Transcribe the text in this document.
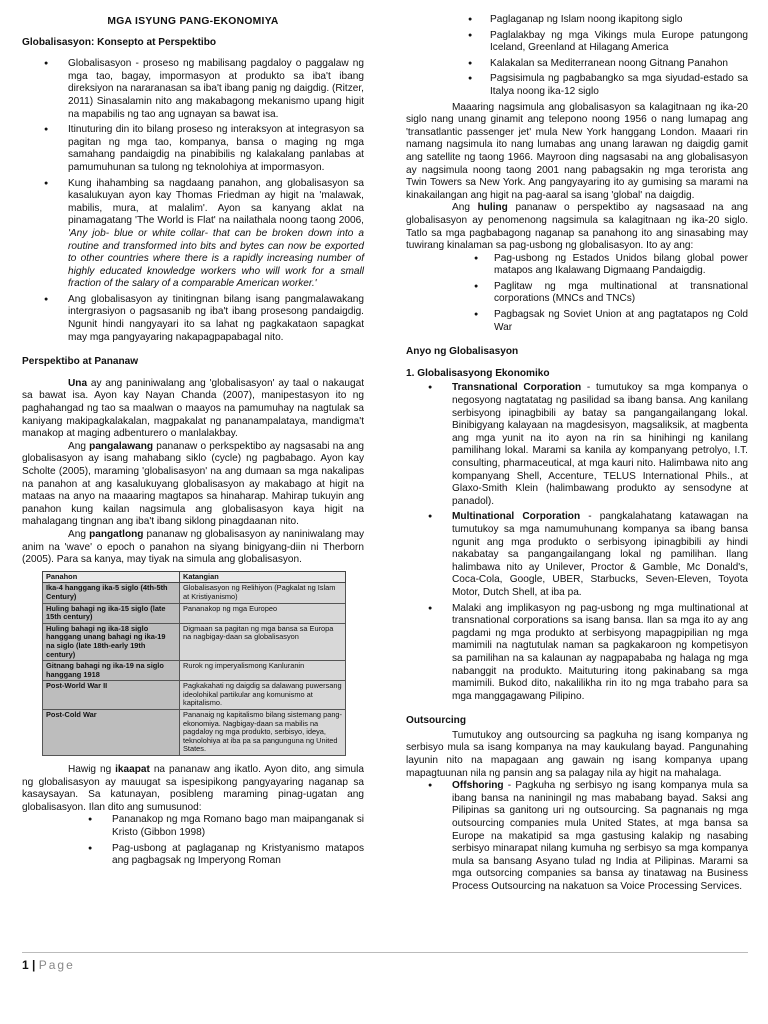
MGA ISYUNG PANG-EKONOMIYA
Globalisasyon: Konsepto at Perspektibo
● Globalisasyon - proseso ng mabilisang pagdaloy o paggalaw ng mga tao, bagay, impormasyon at produkto sa iba't ibang direksiyon na nararanasan sa iba't ibang panig ng daigdig. (Ritzer, 2011) Sinasalamin nito ang makabagong mekanismo upang higit na mapabilis ng tao ang ugnayan sa bawat isa.
● Itinuturing din ito bilang proseso ng interaksyon at integrasyon sa pagitan ng mga tao, kompanya, bansa o maging ng mga samahang pandaigdig na pinabibilis ng kalakalang panlabas at pamumuhunan sa tulong ng teknolohiya at impormasyon.
● Kung ihahambing sa nagdaang panahon, ang globalisasyon sa kasalukuyan ayon kay Thomas Friedman ay higit na 'malawak, mabilis, mura, at malalim'. Ayon sa kanyang aklat na pinamagatang 'The World is Flat' na nailathala noong taong 2006, 'Any job- blue or white collar- that can be broken down into a routine and transformed into bits and bytes can now be exported to other countries where there is a rapidly increasing number of highly educated knowledge workers who will work for a small fraction of the salary of a comparable American worker.'
● Ang globalisasyon ay tinitingnan bilang isang pangmalawakang intergrasiyon o pagsasanib ng iba't ibang prosesong pandaigdig. Ngunit hindi nangyayari ito sa lahat ng pagkakataon sapagkat may mga pangyayaring nakapagpapabagal nito.
Perspektibo at Pananaw

Una ay ang paniniwalang ang 'globalisasyon' ay taal o nakaugat sa bawat isa. Ayon kay Nayan Chanda (2007), manipestasyon ito ng paghahangad ng tao sa maalwan o maayos na pamumuhay na nagtulak sa kaniyang makipagkalakalan, magpakalat ng pananampalataya, mandigma't manakop at maging adbenturero o manlalakbay.

Ang pangalawang pananaw o perkspektibo ay nagsasabi na ang globalisasyon ay isang mahabang siklo (cycle) ng pagbabago. Ayon kay Scholte (2005), maraming 'globalisasyon' na ang dumaan sa mga nakalipas na panahon at ang kasalukuyang globalisasyon ay makabago at higit na mataas na anyo na maaaring magtapos sa hinaharap. Mahirap tukuyin ang panahon kung kailan nagsimula ang globalisasyon kaya higit na mahalagang tingnan ang iba't ibang siklong pinagdaanan nito.

Ang pangatlong pananaw ng globalisasyon ay naniniwalang may anim na 'wave' o epoch o panahon na siyang binigyang-diin ni Therborn (2005). Para sa kanya, may tiyak na simula ang globalisasyon.

Panahon	Katangian
Ika-4 hanggang ika-5 siglo (4th-5th Century)	Globalisasyon ng Relihiyon (Pagkalat ng Islam at Kristiyanismo)
Huling bahagi ng ika-15 siglo (late 15th century)	Pananakop ng mga Europeo
Huling bahagi ng ika-18 siglo hanggang unang bahagi ng ika-19 na siglo (late 18th-early 19th century)	Digmaan sa pagitan ng mga bansa sa Europa na nagbigay-daan sa globalisasyon
Gitnang bahagi ng ika-19 na siglo hanggang 1918	Rurok ng imperyalismong Kanluranin
Post-World War II	Pagkakahati ng daigdig sa dalawang puwersang ideolohikal partikular ang komunismo at kapitalismo.
Post-Cold War	Pananaig ng kapitalismo bilang sistemang pang-ekonomiya. Nagbigay-daan sa mabilis na pagdaloy ng mga produkto, serbisyo, ideya, teknolohiya at iba pa sa pangunguna ng United States.

Hawig ng ikaapat na pananaw ang ikatlo. Ayon dito, ang simula ng globalisasyon ay mauugat sa ispesipikong pangyayaring naganap sa kasaysayan. Sa katunayan, posibleng maraming pinag-ugatan ang globalisasyon. Ilan dito ang sumusunod:

● Pananakop ng mga Romano bago man maipanganak si Kristo (Gibbon 1998)
● Pag-usbong at paglaganap ng Kristyanismo matapos ang pagbagsak ng Imperyong Roman
● Paglaganap ng Islam noong ikapitong siglo
● Paglalakbay ng mga Vikings mula Europe patungong Iceland, Greenland at Hilagang America
● Kalakalan sa Mediterranean noong Gitnang Panahon
● Pagsisimula ng pagbabangko sa mga siyudad-estado sa Italya noong ika-12 siglo

Maaaring nagsimula ang globalisasyon sa kalagitnaan ng ika-20 siglo nang unang ginamit ang telepono noong 1956 o nang lumapag ang 'transatlantic passenger jet' mula New York hanggang London. Maaari rin namang nagsimula ito nang lumabas ang unang larawan ng daigdig gamit ang satellite ng taong 1966. Mayroon ding nagsasabi na ang globalisasyon ay nagsimula noong taong 2001 nang pabagsakin ng mga terorista ang Twin Towers sa New York. Ang pangyayaring ito ay gumising sa marami na kinakailangan ang higit na pag-aaral sa isang 'global' na daigdig.

Ang huling pananaw o perspektibo ay nagsasaad na ang globalisasyon ay penomenong nagsimula sa kalagitnaan ng ika-20 siglo. Tatlo sa mga pagbabagong naganap sa panahong ito ang sinasabing may tuwirang kinalaman sa pag-usbong ng globalisasyon. Ito ay ang:

● Pag-usbong ng Estados Unidos bilang global power matapos ang Ikalawang Digmaang Pandaigdig.
● Paglitaw ng mga multinational at transnational corporations (MNCs and TNCs)
● Pagbagsak ng Soviet Union at ang pagtatapos ng Cold War
Anyo ng Globalisasyon
1. Globalisasyong Ekonomiko
● Transnational Corporation - tumutukoy sa mga kompanya o negosyong nagtatatag ng pasilidad sa ibang bansa. Ang kanilang serbisyong ipinagbibili ay batay sa pangangailangang lokal. Binibigyang kalayaan na magdesisyon, magsaliksik, at magbenta ang mga yunit na ito ayon na rin sa hinihingi ng kanilang pamilihang lokal. Marami sa kanila ay kompanyang petrolyo, I.T. consulting, pharmaceutical, at mga kauri nito. Halimbawa nito ang kompanyang Shell, Accenture, TELUS International Phils., at Glaxo-Smith Klein (halimbawang produkto ay sensodyne at panadol).
● Multinational Corporation - pangkalahatang katawagan na tumutukoy sa mga namumuhunang kompanya sa ibang bansa ngunit ang mga produkto o serbisyong ipinagbibili ay hindi nakabatay sa pangangailangang lokal ng pamilihan. Ilang halimbawa nito ay Unilever, Proctor & Gamble, Mc Donald's, Coca-Cola, Google, UBER, Starbucks, Seven-Eleven, Toyota Motor, Dutch Shell, at iba pa.
● Malaki ang implikasyon ng pag-usbong ng mga multinational at transnational corporations sa isang bansa. Ilan sa mga ito ay ang pagdami ng mga produkto at serbisyong mapagpipilian ng mga mamimili na nagtutulak naman sa pagkakaroon ng kompetisyon sa pamilihan na sa kalaunan ay nagpapababa ng halaga ng mga nabanggit na produkto. Maituturing itong pakinabang sa mga mamimili. Bukod dito, nakalilikha rin ito ng mga trabaho para sa mga manggagawang Pilipino.
Outsourcing

Tumutukoy ang outsourcing sa pagkuha ng isang kompanya ng serbisyo mula sa isang kompanya na may kaukulang bayad. Pangunahing layunin nito na mapagaan ang gawain ng isang kompanya upang mapagtuunan nila ng pansin ang sa palagay nila ay higit na mahalaga.

● Offshoring - Pagkuha ng serbisyo ng isang kompanya mula sa ibang bansa na naniningil ng mas mababang bayad. Saksi ang Pilipinas sa ganitong uri ng outsourcing. Sa pagnanais ng mga outsourcing companies mula United States, at mga bansa sa Europe na makatipid sa mga gastusing kalakip ng nasabing serbisyo minarapat nilang kumuha ng serbisyo sa mga kompanya mula sa bansang Asyano tulad ng India at Pilipinas. Marami sa mga outsorcing companies sa bansa ay tinatawag na Business Process Outsourcing na nakatuon sa Voice Processing Services.
1 | Page
